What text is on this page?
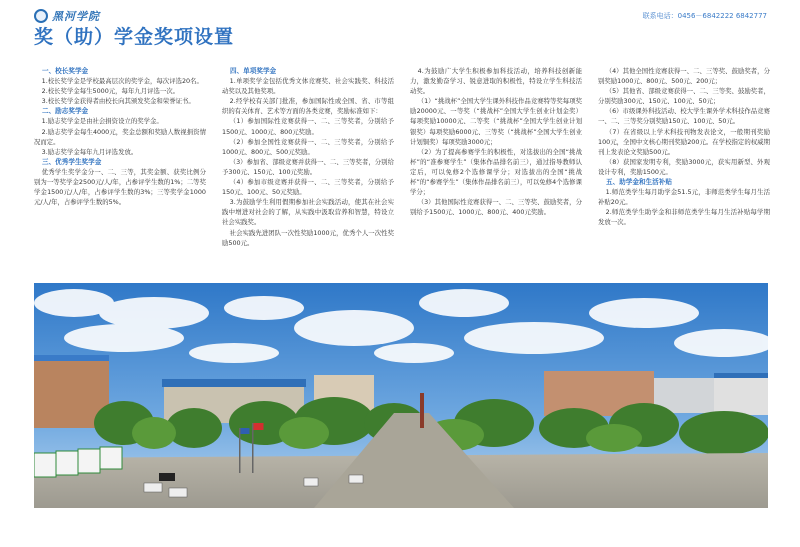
黑河学院	联系电话：0456－6842222 6842777
奖（助）学金奖项设置
一、校长奖学金

1.校长奖学金是学校最高层次的奖学金，每次评选20名。

2.校长奖学金每生5000元，每年九月评选一次。

3.校长奖学金获得者由校长向其颁发奖金和荣誉证书。

二、励志奖学金

1.励志奖学金是由社会捐资设立的奖学金。

2.励志奖学金每生4000元，奖金总额和奖励人数视捐资情况而定。

3.励志奖学金每年九月评选发放。

三、优秀学生奖学金

优秀学生奖学金分一、二、三等，其奖金额、获奖比例分别为一等奖学金2500元/人/年，占参评学生数的1%；二等奖学金1500元/人/年，占参评学生数的3%；三等奖学金1000元/人/年，占参评学生数的5%。

四、单项奖学金

1.单项奖学金包括优秀文体竞赛奖、社会实践奖、科技活动奖以及其他奖项。

2.经学校有关部门批准，参加国际性或全国、省、市等组织的有关体育、艺术等方面的各类竞赛，奖励标准如下：

（1）参加国际性竞赛获得一、二、三等奖者，分别给予1500元、1000元、800元奖励。

（2）参加全国性竞赛获得一、二、三等奖者，分别给予1000元、800元、500元奖励。

（3）参加省、部级竞赛并获得一、二、三等奖者，分别给予300元、150元、100元奖励。

（4）参加市级竞赛并获得一、二、三等奖者，分别给予150元、100元、50元奖励。

3.为鼓励学生利用假期参加社会实践活动，使其在社会实践中增进对社会的了解，从实践中汲取营养和智慧，特设立社会实践奖。

社会实践先进团队一次性奖励1000元，优秀个人一次性奖励500元。

4.为鼓励广大学生积极参加科技活动，培养科技创新能力，激发勤奋学习、锐意进取的积极性，特设立学生科技活动奖。

（1）“挑战杯”全国大学生课外科技作品竞赛特等奖每项奖励20000元、一等奖（“挑战杯”全国大学生创业计划金奖）每项奖励10000元、二等奖（“挑战杯”全国大学生创业计划银奖）每项奖励6000元、三等奖（“挑战杯”全国大学生创业计划铜奖）每项奖励3000元；

（2）为了提高参赛学生的积极性，对选拔出的全国“挑战杯”的“准参赛学生”（集体作品排名前三），通过指导教师认定后，可以免修2个选修课学分；对选拔出的全国“挑战杯”的“参赛学生”（集体作品排名前三），可以免修4个选修课学分；

（3）其他国际性竞赛获得一、二、三等奖、鼓励奖者，分别给予1500元、1000元、800元、400元奖励。

（4）其他全国性竞赛获得一、二、三等奖、鼓励奖者，分别奖励1000元、800元、500元、200元；

（5）其他省、部级竞赛获得一、二、三等奖、鼓励奖者，分别奖励300元、150元、100元、50元；

（6）市级课外科技活动、校大学生课外学术科技作品竞赛一、二、三等奖分别奖励150元、100元、50元。

（7）在省级以上学术科技刊物发表论文，一般期刊奖励100元，全国中文核心期刊奖励200元。在学校指定的权威期刊上发表论文奖励500元。

（8）获国家发明专利，奖励3000元，获实用新型、外观设计专利，奖励1500元。

五、助学金和生活补贴

1.师范类学生每月助学金51.5元，非师范类学生每月生活补贴20元。

2.师范类学生助学金和非师范类学生每月生活补贴每学期发放一次。
